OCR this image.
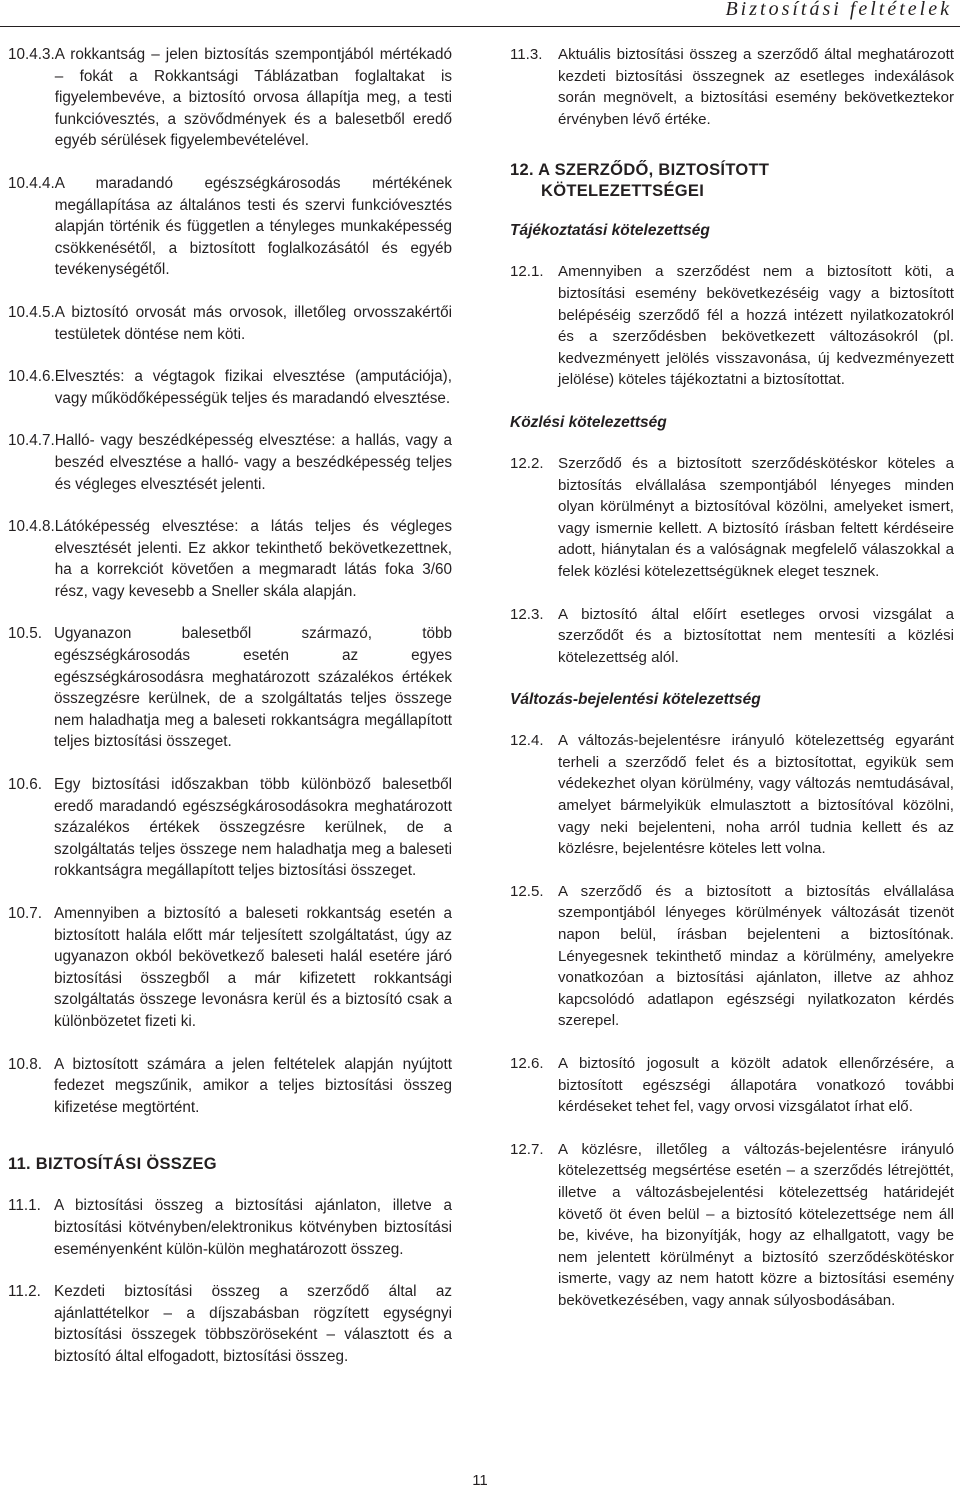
Biztosítási feltételek
10.4.3. A rokkantság – jelen biztosítás szempontjából mértékadó – fokát a Rokkantsági Táblázatban foglaltakat is figyelembevéve, a biztosító orvosa állapítja meg, a testi funkcióvesztés, a szövődmények és a balesetből eredő egyéb sérülések figyelembevételével.
10.4.4. A maradandó egészségkárosodás mértékének megállapítása az általános testi és szervi funkcióvesztés alapján történik és független a tényleges munkaképesség csökkenésétől, a biztosított foglalkozásától és egyéb tevékenységétől.
10.4.5. A biztosító orvosát más orvosok, illetőleg orvosszakértői testületek döntése nem köti.
10.4.6. Elvesztés: a végtagok fizikai elvesztése (amputációja), vagy működőképességük teljes és maradandó elvesztése.
10.4.7. Halló- vagy beszédképesség elvesztése: a hallás, vagy a beszéd elvesztése a halló- vagy a beszédképesség teljes és végleges elvesztését jelenti.
10.4.8. Látóképesség elvesztése: a látás teljes és végleges elvesztését jelenti. Ez akkor tekinthető bekövetkezettnek, ha a korrekciót követően a megmaradt látás foka 3/60 rész, vagy kevesebb a Sneller skála alapján.
10.5. Ugyanazon balesetből származó, több egészségkárosodás esetén az egyes egészségkárosodásra meghatározott százalékos értékek összegzésre kerülnek, de a szolgáltatás teljes összege nem haladhatja meg a baleseti rokkantságra megállapított teljes biztosítási összeget.
10.6. Egy biztosítási időszakban több különböző balesetből eredő maradandó egészségkárosodásokra meghatározott százalékos értékek összegzésre kerülnek, de a szolgáltatás teljes összege nem haladhatja meg a baleseti rokkantságra megállapított teljes biztosítási összeget.
10.7. Amennyiben a biztosító a baleseti rokkantság esetén a biztosított halála előtt már teljesített szolgáltatást, úgy az ugyanazon okból bekövetkező baleseti halál esetére járó biztosítási összegből a már kifizetett rokkantsági szolgáltatás összege levonásra kerül és a biztosító csak a különbözetet fizeti ki.
10.8. A biztosított számára a jelen feltételek alapján nyújtott fedezet megszűnik, amikor a teljes biztosítási összeg kifizetése megtörtént.
11. BIZTOSÍTÁSI ÖSSZEG
11.1. A biztosítási összeg a biztosítási ajánlaton, illetve a biztosítási kötvényben/elektronikus kötvényben biztosítási eseményenként külön-külön meghatározott összeg.
11.2. Kezdeti biztosítási összeg a szerződő által az ajánlattételkor – a díjszabásban rögzített egységnyi biztosítási összegek többszöröseként – választott és a biztosító által elfogadott, biztosítási összeg.
11.3.	Aktuális biztosítási összeg a szerződő által meghatározott kezdeti biztosítási összegnek az esetleges indexálások során megnövelt, a biztosítási esemény bekövetkeztekor érvényben lévő értéke.
12. A SZERZŐDŐ, BIZTOSÍTOTT
KÖTELEZETTSÉGEI
Tájékoztatási kötelezettség
12.1. Amennyiben a szerződést nem a biztosított köti, a biztosítási esemény bekövetkezéséig vagy a biztosított belépéséig szerződő fél a hozzá intézett nyilatkozatokról és a szerződésben bekövetkezett változásokról (pl. kedvezményett jelölés visszavonása, új kedvezményezett jelölése) köteles tájékoztatni a biztosítottat.
Közlési kötelezettség
12.2. Szerződő és a biztosított szerződéskötéskor köteles a biztosítás elvállalása szempontjából lényeges minden olyan körülményt a biztosítóval közölni, amelyeket ismert, vagy ismernie kellett. A biztosító írásban feltett kérdéseire adott, hiánytalan és a valóságnak megfelelő válaszokkal a felek közlési kötelezettségüknek eleget tesznek.
12.3. A biztosító által előírt esetleges orvosi vizsgálat a szerződőt és a biztosítottat nem mentesíti a közlési kötelezettség alól.
Változás-bejelentési kötelezettség
12.4. A változás-bejelentésre irányuló kötelezettség egyaránt terheli a szerződő felet és a biztosítottat, egyikük sem védekezhet olyan körülmény, vagy változás nemtudásával, amelyet bármelyikük elmulasztott a biztosítóval közölni, vagy neki bejelenteni, noha arról tudnia kellett és az közlésre, bejelentésre köteles lett volna.
12.5. A szerződő és a biztosított a biztosítás elvállalása szempontjából lényeges körülmények változását tizenöt napon belül, írásban bejelenteni a biztosítónak. Lényegesnek tekinthető mindaz a körülmény, amelyekre vonatkozóan a biztosítási ajánlaton, illetve az ahhoz kapcsolódó adatlapon egészségi nyilatkozaton kérdés szerepel.
12.6. A biztosító jogosult a közölt adatok ellenőrzésére, a biztosított egészségi állapotára vonatkozó további kérdéseket tehet fel, vagy orvosi vizsgálatot írhat elő.
12.7. A közlésre, illetőleg a változás-bejelentésre irányuló kötelezettség megsértése esetén – a szerződés létrejöttét, illetve a változásbejelentési kötelezettség határidejét követő öt éven belül – a biztosító kötelezettsége nem áll be, kivéve, ha bizonyítják, hogy az elhallgatott, vagy be nem jelentett körülményt a biztosító szerződéskötéskor ismerte, vagy az nem hatott közre a biztosítási esemény bekövetkezésében, vagy annak súlyosbodásában.
11
